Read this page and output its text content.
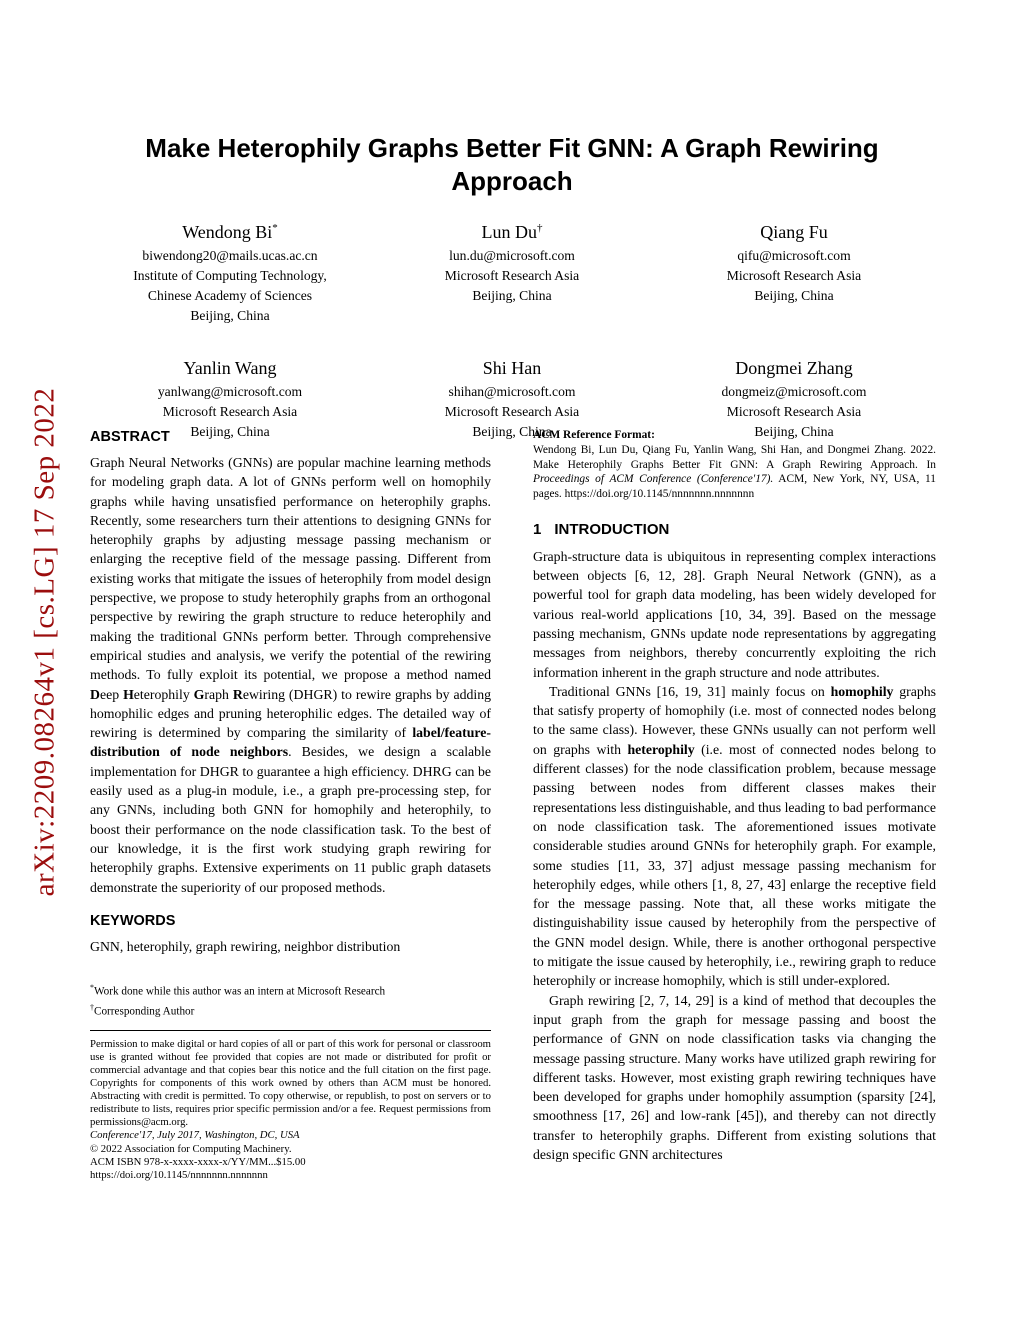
arXiv:2209.08264v1 [cs.LG] 17 Sep 2022
Make Heterophily Graphs Better Fit GNN: A Graph Rewiring
Approach
Wendong Bi*
biwendong20@mails.ucas.ac.cn
Institute of Computing Technology,
Chinese Academy of Sciences
Beijing, China
Lun Du†
lun.du@microsoft.com
Microsoft Research Asia
Beijing, China
Qiang Fu
qifu@microsoft.com
Microsoft Research Asia
Beijing, China
Yanlin Wang
yanlwang@microsoft.com
Microsoft Research Asia
Beijing, China
Shi Han
shihan@microsoft.com
Microsoft Research Asia
Beijing, China
Dongmei Zhang
dongmeiz@microsoft.com
Microsoft Research Asia
Beijing, China
ABSTRACT

Graph Neural Networks (GNNs) are popular machine learning methods for modeling graph data. A lot of GNNs perform well on homophily graphs while having unsatisfied performance on heterophily graphs. Recently, some researchers turn their attentions to designing GNNs for heterophily graphs by adjusting message passing mechanism or enlarging the receptive field of the message passing. Different from existing works that mitigate the issues of heterophily from model design perspective, we propose to study heterophily graphs from an orthogonal perspective by rewiring the graph structure to reduce heterophily and making the traditional GNNs perform better. Through comprehensive empirical studies and analysis, we verify the potential of the rewiring methods. To fully exploit its potential, we propose a method named Deep Heterophily Graph Rewiring (DHGR) to rewire graphs by adding homophilic edges and pruning heterophilic edges. The detailed way of rewiring is determined by comparing the similarity of label/feature-distribution of node neighbors. Besides, we design a scalable implementation for DHGR to guarantee a high efficiency. DHRG can be easily used as a plug-in module, i.e., a graph pre-processing step, for any GNNs, including both GNN for homophily and heterophily, to boost their performance on the node classification task. To the best of our knowledge, it is the first work studying graph rewiring for heterophily graphs. Extensive experiments on 11 public graph datasets demonstrate the superiority of our proposed methods.

KEYWORDS

GNN, heterophily, graph rewiring, neighbor distribution

*Work done while this author was an intern at Microsoft Research
†Corresponding Author

Permission to make digital or hard copies of all or part of this work for personal or classroom use is granted without fee provided that copies are not made or distributed for profit or commercial advantage and that copies bear this notice and the full citation on the first page. Copyrights for components of this work owned by others than ACM must be honored. Abstracting with credit is permitted. To copy otherwise, or republish, to post on servers or to redistribute to lists, requires prior specific permission and/or a fee. Request permissions from permissions@acm.org.

Conference'17, July 2017, Washington, DC, USA
© 2022 Association for Computing Machinery.
ACM ISBN 978-x-xxxx-xxxx-x/YY/MM...$15.00
https://doi.org/10.1145/nnnnnnn.nnnnnnn
ACM Reference Format:

Wendong Bi, Lun Du, Qiang Fu, Yanlin Wang, Shi Han, and Dongmei Zhang. 2022. Make Heterophily Graphs Better Fit GNN: A Graph Rewiring Approach. In Proceedings of ACM Conference (Conference'17). ACM, New York, NY, USA, 11 pages. https://doi.org/10.1145/nnnnnnn.nnnnnnn

1 INTRODUCTION

Graph-structure data is ubiquitous in representing complex interactions between objects [6, 12, 28]. Graph Neural Network (GNN), as a powerful tool for graph data modeling, has been widely developed for various real-world applications [10, 34, 39]. Based on the message passing mechanism, GNNs update node representations by aggregating messages from neighbors, thereby concurrently exploiting the rich information inherent in the graph structure and node attributes.

Traditional GNNs [16, 19, 31] mainly focus on homophily graphs that satisfy property of homophily (i.e. most of connected nodes belong to the same class). However, these GNNs usually can not perform well on graphs with heterophily (i.e. most of connected nodes belong to different classes) for the node classification problem, because message passing between nodes from different classes makes their representations less distinguishable, and thus leading to bad performance on node classification task. The aforementioned issues motivate considerable studies around GNNs for heterophily graph. For example, some studies [11, 33, 37] adjust message passing mechanism for heterophily edges, while others [1, 8, 27, 43] enlarge the receptive field for the message passing. Note that, all these works mitigate the distinguishability issue caused by heterophily from the perspective of the GNN model design. While, there is another orthogonal perspective to mitigate the issue caused by heterophily, i.e., rewiring graph to reduce heterophily or increase homophily, which is still under-explored.

Graph rewiring [2, 7, 14, 29] is a kind of method that decouples the input graph from the graph for message passing and boost the performance of GNN on node classification tasks via changing the message passing structure. Many works have utilized graph rewiring for different tasks. However, most existing graph rewiring techniques have been developed for graphs under homophily assumption (sparsity [24], smoothness [17, 26] and low-rank [45]), and thereby can not directly transfer to heterophily graphs. Different from existing solutions that design specific GNN architectures
